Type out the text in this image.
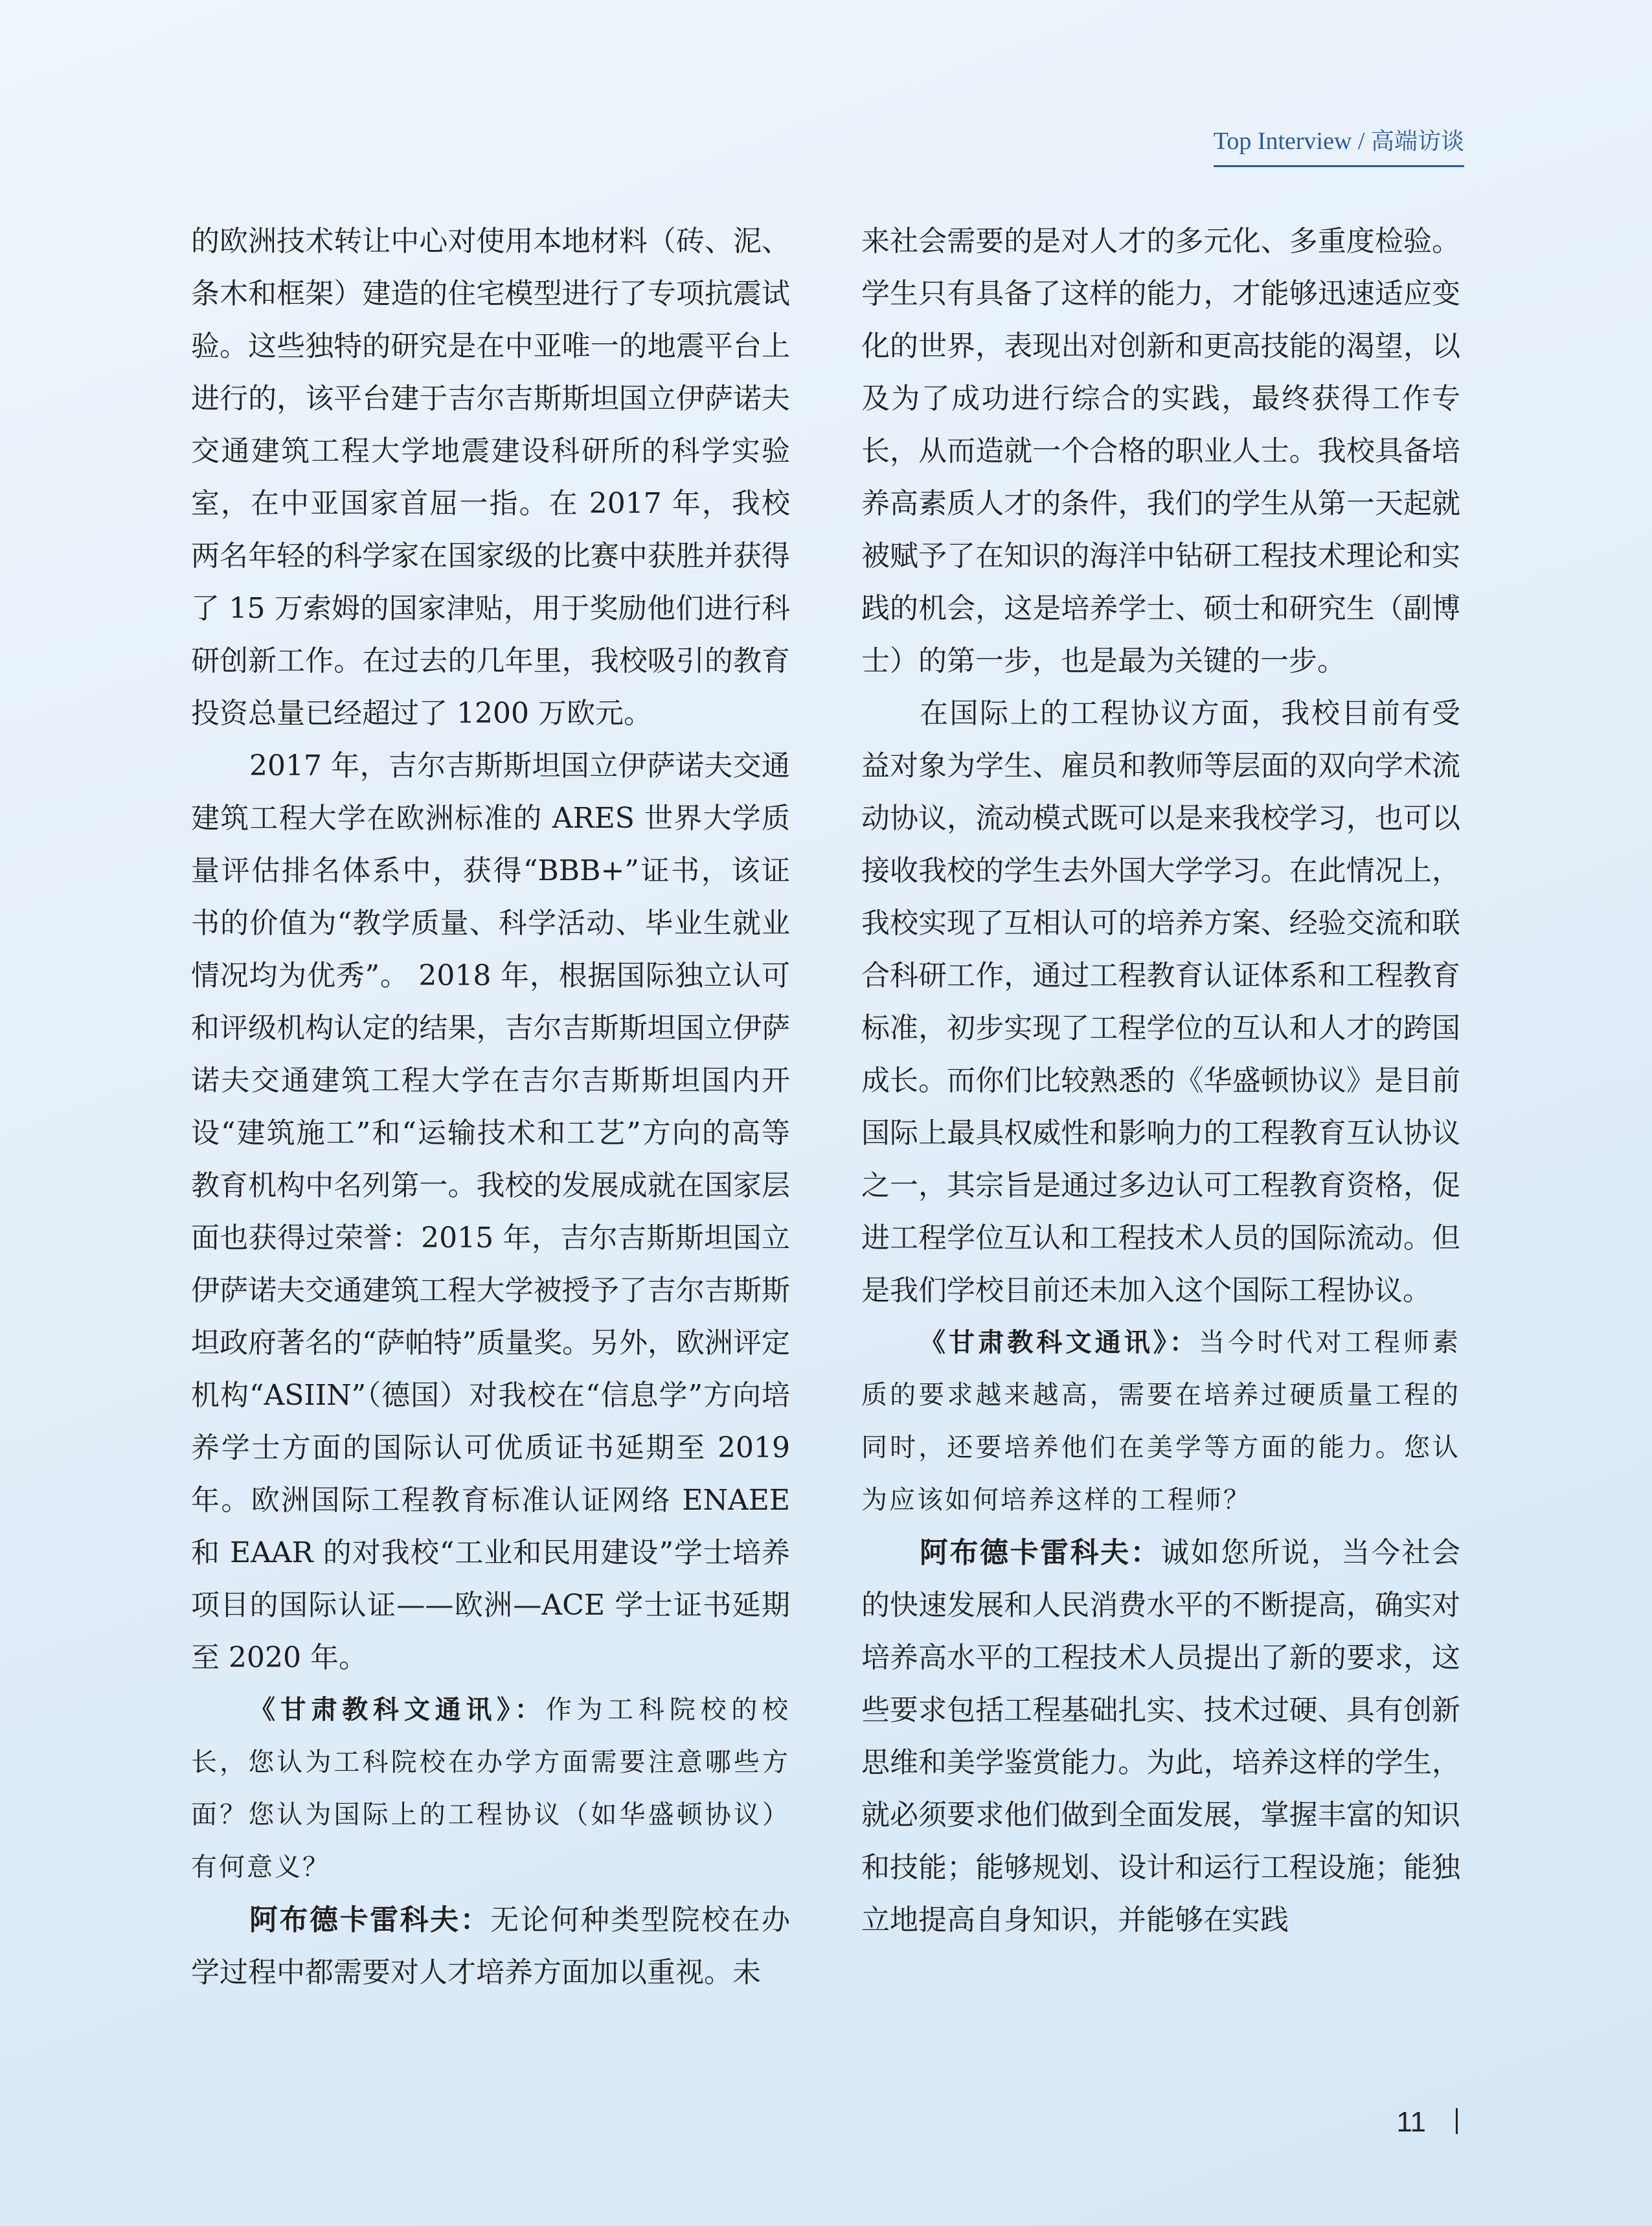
Top Interview / 高端访谈

的欧洲技术转让中心对使用本地材料（砖、泥、条木和框架）建造的住宅模型进行了专项抗震试验。这些独特的研究是在中亚唯一的地震平台上进行的，该平台建于吉尔吉斯斯坦国立伊萨诺夫交通建筑工程大学地震建设科研所的科学实验室，在中亚国家首屈一指。在 2017 年，我校两名年轻的科学家在国家级的比赛中获胜并获得了 15 万索姆的国家津贴，用于奖励他们进行科研创新工作。在过去的几年里，我校吸引的教育投资总量已经超过了 1200 万欧元。

2017 年，吉尔吉斯斯坦国立伊萨诺夫交通建筑工程大学在欧洲标准的 ARES 世界大学质量评估排名体系中，获得“BBB+”证书，该证书的价值为“教学质量、科学活动、毕业生就业情况均为优秀”。 2018 年，根据国际独立认可和评级机构认定的结果，吉尔吉斯斯坦国立伊萨诺夫交通建筑工程大学在吉尔吉斯斯坦国内开设“建筑施工”和“运输技术和工艺”方向的高等教育机构中名列第一。我校的发展成就在国家层面也获得过荣誉：2015 年，吉尔吉斯斯坦国立伊萨诺夫交通建筑工程大学被授予了吉尔吉斯斯坦政府著名的“萨帕特”质量奖。另外，欧洲评定机构“ASIIN”（德国）对我校在“信息学”方向培养学士方面的国际认可优质证书延期至 2019 年。欧洲国际工程教育标准认证网络 ENAEE 和 EAAR 的对我校“工业和民用建设”学士培养项目的国际认证——欧洲—ACE 学士证书延期至 2020 年。

《甘肃教科文通讯》：作为工科院校的校长，您认为工科院校在办学方面需要注意哪些方面？您认为国际上的工程协议（如华盛顿协议）有何意义？

阿布德卡雷科夫：无论何种类型院校在办学过程中都需要对人才培养方面加以重视。未

来社会需要的是对人才的多元化、多重度检验。学生只有具备了这样的能力，才能够迅速适应变化的世界，表现出对创新和更高技能的渴望，以及为了成功进行综合的实践，最终获得工作专长，从而造就一个合格的职业人士。我校具备培养高素质人才的条件，我们的学生从第一天起就被赋予了在知识的海洋中钻研工程技术理论和实践的机会，这是培养学士、硕士和研究生（副博士）的第一步，也是最为关键的一步。

在国际上的工程协议方面，我校目前有受益对象为学生、雇员和教师等层面的双向学术流动协议，流动模式既可以是来我校学习，也可以接收我校的学生去外国大学学习。在此情况上，我校实现了互相认可的培养方案、经验交流和联合科研工作，通过工程教育认证体系和工程教育标准，初步实现了工程学位的互认和人才的跨国成长。而你们比较熟悉的《华盛顿协议》是目前国际上最具权威性和影响力的工程教育互认协议之一，其宗旨是通过多边认可工程教育资格，促进工程学位互认和工程技术人员的国际流动。但是我们学校目前还未加入这个国际工程协议。

《甘肃教科文通讯》：当今时代对工程师素质的要求越来越高，需要在培养过硬质量工程的同时，还要培养他们在美学等方面的能力。您认为应该如何培养这样的工程师？

阿布德卡雷科夫：诚如您所说，当今社会的快速发展和人民消费水平的不断提高，确实对培养高水平的工程技术人员提出了新的要求，这些要求包括工程基础扎实、技术过硬、具有创新思维和美学鉴赏能力。为此，培养这样的学生，就必须要求他们做到全面发展，掌握丰富的知识和技能；能够规划、设计和运行工程设施；能独立地提高自身知识，并能够在实践

11
